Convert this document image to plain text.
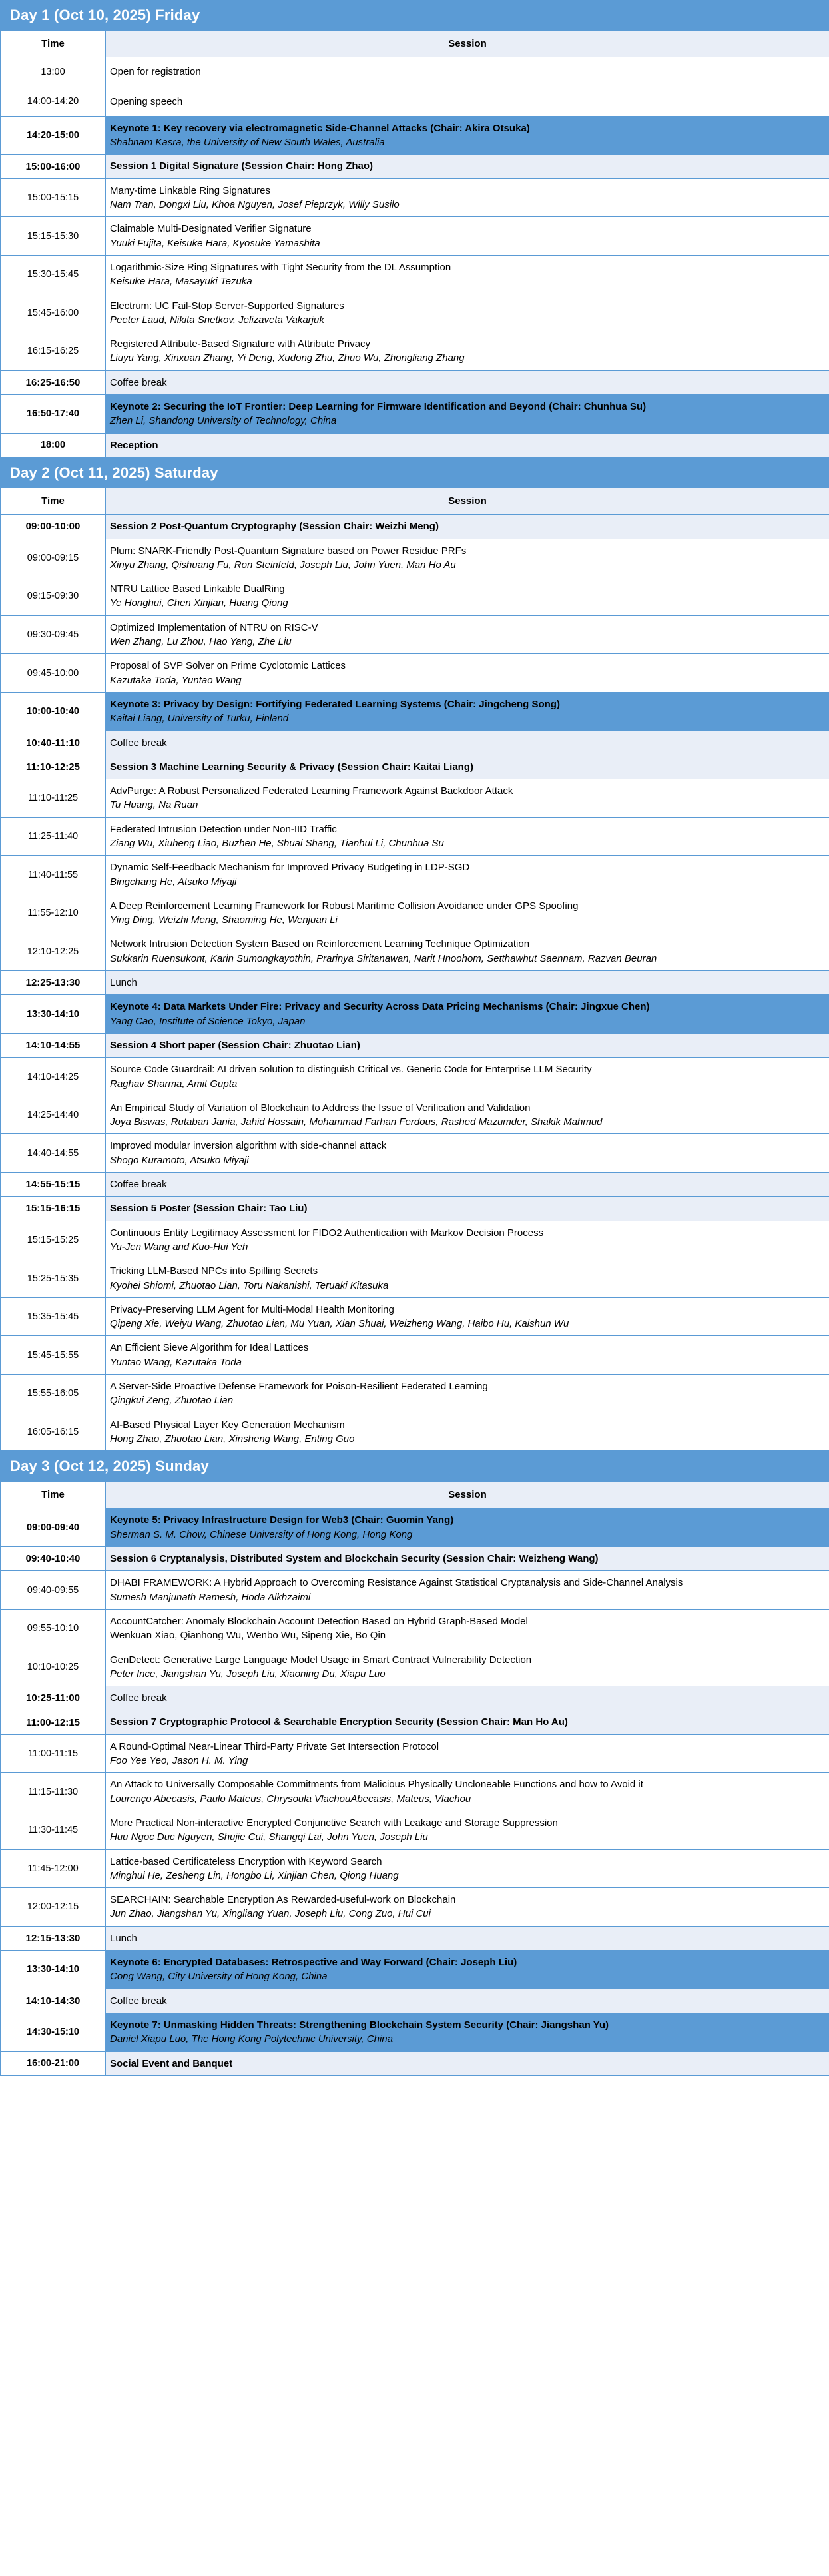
Day 1 (Oct 10, 2025) Friday	
Time	Session
13:00	Open for registration

14:00-14:20	Opening speech

14:20-15:00	Keynote 1: Key recovery via electromagnetic Side-Channel Attacks (Chair: Akira Otsuka)
Shabnam Kasra, the University of New South Wales, Australia

15:00-16:00	Session 1 Digital Signature (Session Chair: Hong Zhao)

15:00-15:15	Many-time Linkable Ring Signatures
Nam Tran, Dongxi Liu, Khoa Nguyen, Josef Pieprzyk, Willy Susilo

15:15-15:30	Claimable Multi-Designated Verifier Signature
Yuuki Fujita, Keisuke Hara, Kyosuke Yamashita

15:30-15:45	Logarithmic-Size Ring Signatures with Tight Security from the DL Assumption
Keisuke Hara, Masayuki Tezuka

15:45-16:00	Electrum: UC Fail-Stop Server-Supported Signatures
Peeter Laud, Nikita Snetkov, Jelizaveta Vakarjuk

16:15-16:25	Registered Attribute-Based Signature with Attribute Privacy
Liuyu Yang, Xinxuan Zhang, Yi Deng, Xudong Zhu, Zhuo Wu, Zhongliang Zhang

16:25-16:50	Coffee break

16:50-17:40	Keynote 2: Securing the IoT Frontier: Deep Learning for Firmware Identification and Beyond (Chair: Chunhua Su)
Zhen Li, Shandong University of Technology, China

18:00	Reception
Day 2 (Oct 11, 2025) Saturday	
Time	Session
09:00-10:00	Session 2 Post-Quantum Cryptography (Session Chair: Weizhi Meng)

09:00-09:15	Plum: SNARK-Friendly Post-Quantum Signature based on Power Residue PRFs
Xinyu Zhang, Qishuang Fu, Ron Steinfeld, Joseph Liu, John Yuen, Man Ho Au

09:15-09:30	NTRU Lattice Based Linkable DualRing
Ye Honghui, Chen Xinjian, Huang Qiong

09:30-09:45	Optimized Implementation of NTRU on RISC-V
Wen Zhang, Lu Zhou, Hao Yang, Zhe Liu

09:45-10:00	Proposal of SVP Solver on Prime Cyclotomic Lattices
Kazutaka Toda, Yuntao Wang

10:00-10:40	Keynote 3: Privacy by Design: Fortifying Federated Learning Systems (Chair: Jingcheng Song)
Kaitai Liang, University of Turku, Finland

10:40-11:10	Coffee break

11:10-12:25	Session 3 Machine Learning Security & Privacy (Session Chair: Kaitai Liang)

11:10-11:25	AdvPurge: A Robust Personalized Federated Learning Framework Against Backdoor Attack
Tu Huang, Na Ruan

11:25-11:40	Federated Intrusion Detection under Non-IID Traffic
Ziang Wu, Xiuheng Liao, Buzhen He, Shuai Shang, Tianhui Li, Chunhua Su

11:40-11:55	Dynamic Self-Feedback Mechanism for Improved Privacy Budgeting in LDP-SGD
Bingchang He, Atsuko Miyaji

11:55-12:10	A Deep Reinforcement Learning Framework for Robust Maritime Collision Avoidance under GPS Spoofing
Ying Ding, Weizhi Meng, Shaoming He, Wenjuan Li

12:10-12:25	Network Intrusion Detection System Based on Reinforcement Learning Technique Optimization
Sukkarin Ruensukont, Karin Sumongkayothin, Prarinya Siritanawan, Narit Hnoohom, Setthawhut Saennam, Razvan Beuran

12:25-13:30	Lunch

13:30-14:10	Keynote 4: Data Markets Under Fire: Privacy and Security Across Data Pricing Mechanisms (Chair: Jingxue Chen)
Yang Cao, Institute of Science Tokyo, Japan

14:10-14:55	Session 4 Short paper (Session Chair: Zhuotao Lian)

14:10-14:25	Source Code Guardrail: AI driven solution to distinguish Critical vs. Generic Code for Enterprise LLM Security
Raghav Sharma, Amit Gupta

14:25-14:40	An Empirical Study of Variation of Blockchain to Address the Issue of Verification and Validation
Joya Biswas, Rutaban Jania, Jahid Hossain, Mohammad Farhan Ferdous, Rashed Mazumder, Shakik Mahmud

14:40-14:55	Improved modular inversion algorithm with side-channel attack
Shogo Kuramoto, Atsuko Miyaji

14:55-15:15	Coffee break

15:15-16:15	Session 5 Poster (Session Chair: Tao Liu)

15:15-15:25	Continuous Entity Legitimacy Assessment for FIDO2 Authentication with Markov Decision Process
Yu-Jen Wang and Kuo-Hui Yeh

15:25-15:35	Tricking LLM-Based NPCs into Spilling Secrets
Kyohei Shiomi, Zhuotao Lian, Toru Nakanishi, Teruaki Kitasuka

15:35-15:45	Privacy-Preserving LLM Agent for Multi-Modal Health Monitoring
Qipeng Xie, Weiyu Wang, Zhuotao Lian, Mu Yuan, Xian Shuai, Weizheng Wang, Haibo Hu, Kaishun Wu

15:45-15:55	An Efficient Sieve Algorithm for Ideal Lattices
Yuntao Wang, Kazutaka Toda

15:55-16:05	A Server-Side Proactive Defense Framework for Poison-Resilient Federated Learning
Qingkui Zeng, Zhuotao Lian

16:05-16:15	AI-Based Physical Layer Key Generation Mechanism
Hong Zhao, Zhuotao Lian, Xinsheng Wang, Enting Guo
Day 3 (Oct 12, 2025) Sunday	
Time	Session
09:00-09:40	Keynote 5: Privacy Infrastructure Design for Web3 (Chair: Guomin Yang)
Sherman S. M. Chow, Chinese University of Hong Kong, Hong Kong

09:40-10:40	Session 6 Cryptanalysis, Distributed System and Blockchain Security (Session Chair: Weizheng Wang)

09:40-09:55	DHABI FRAMEWORK: A Hybrid Approach to Overcoming Resistance Against Statistical Cryptanalysis and Side-Channel Analysis
Sumesh Manjunath Ramesh, Hoda Alkhzaimi

09:55-10:10	AccountCatcher: Anomaly Blockchain Account Detection Based on Hybrid Graph-Based Model
Wenkuan Xiao, Qianhong Wu, Wenbo Wu, Sipeng Xie, Bo Qin

10:10-10:25	GenDetect: Generative Large Language Model Usage in Smart Contract Vulnerability Detection
Peter Ince, Jiangshan Yu, Joseph Liu, Xiaoning Du, Xiapu Luo

10:25-11:00	Coffee break

11:00-12:15	Session 7 Cryptographic Protocol & Searchable Encryption Security (Session Chair: Man Ho Au)

11:00-11:15	A Round-Optimal Near-Linear Third-Party Private Set Intersection Protocol
Foo Yee Yeo, Jason H. M. Ying

11:15-11:30	An Attack to Universally Composable Commitments from Malicious Physically Uncloneable Functions and how to Avoid it
Lourenço Abecasis, Paulo Mateus, Chrysoula VlachouAbecasis, Mateus, Vlachou

11:30-11:45	More Practical Non-interactive Encrypted Conjunctive Search with Leakage and Storage Suppression
Huu Ngoc Duc Nguyen, Shujie Cui, Shangqi Lai, John Yuen, Joseph Liu

11:45-12:00	Lattice-based Certificateless Encryption with Keyword Search
Minghui He, Zesheng Lin, Hongbo Li, Xinjian Chen, Qiong Huang

12:00-12:15	SEARCHAIN: Searchable Encryption As Rewarded-useful-work on Blockchain
Jun Zhao, Jiangshan Yu, Xingliang Yuan, Joseph Liu, Cong Zuo, Hui Cui

12:15-13:30	Lunch

13:30-14:10	Keynote 6: Encrypted Databases: Retrospective and Way Forward (Chair: Joseph Liu)
Cong Wang, City University of Hong Kong, China

14:10-14:30	Coffee break

14:30-15:10	Keynote 7: Unmasking Hidden Threats: Strengthening Blockchain System Security (Chair: Jiangshan Yu)
Daniel Xiapu Luo, The Hong Kong Polytechnic University, China

16:00-21:00	Social Event and Banquet
